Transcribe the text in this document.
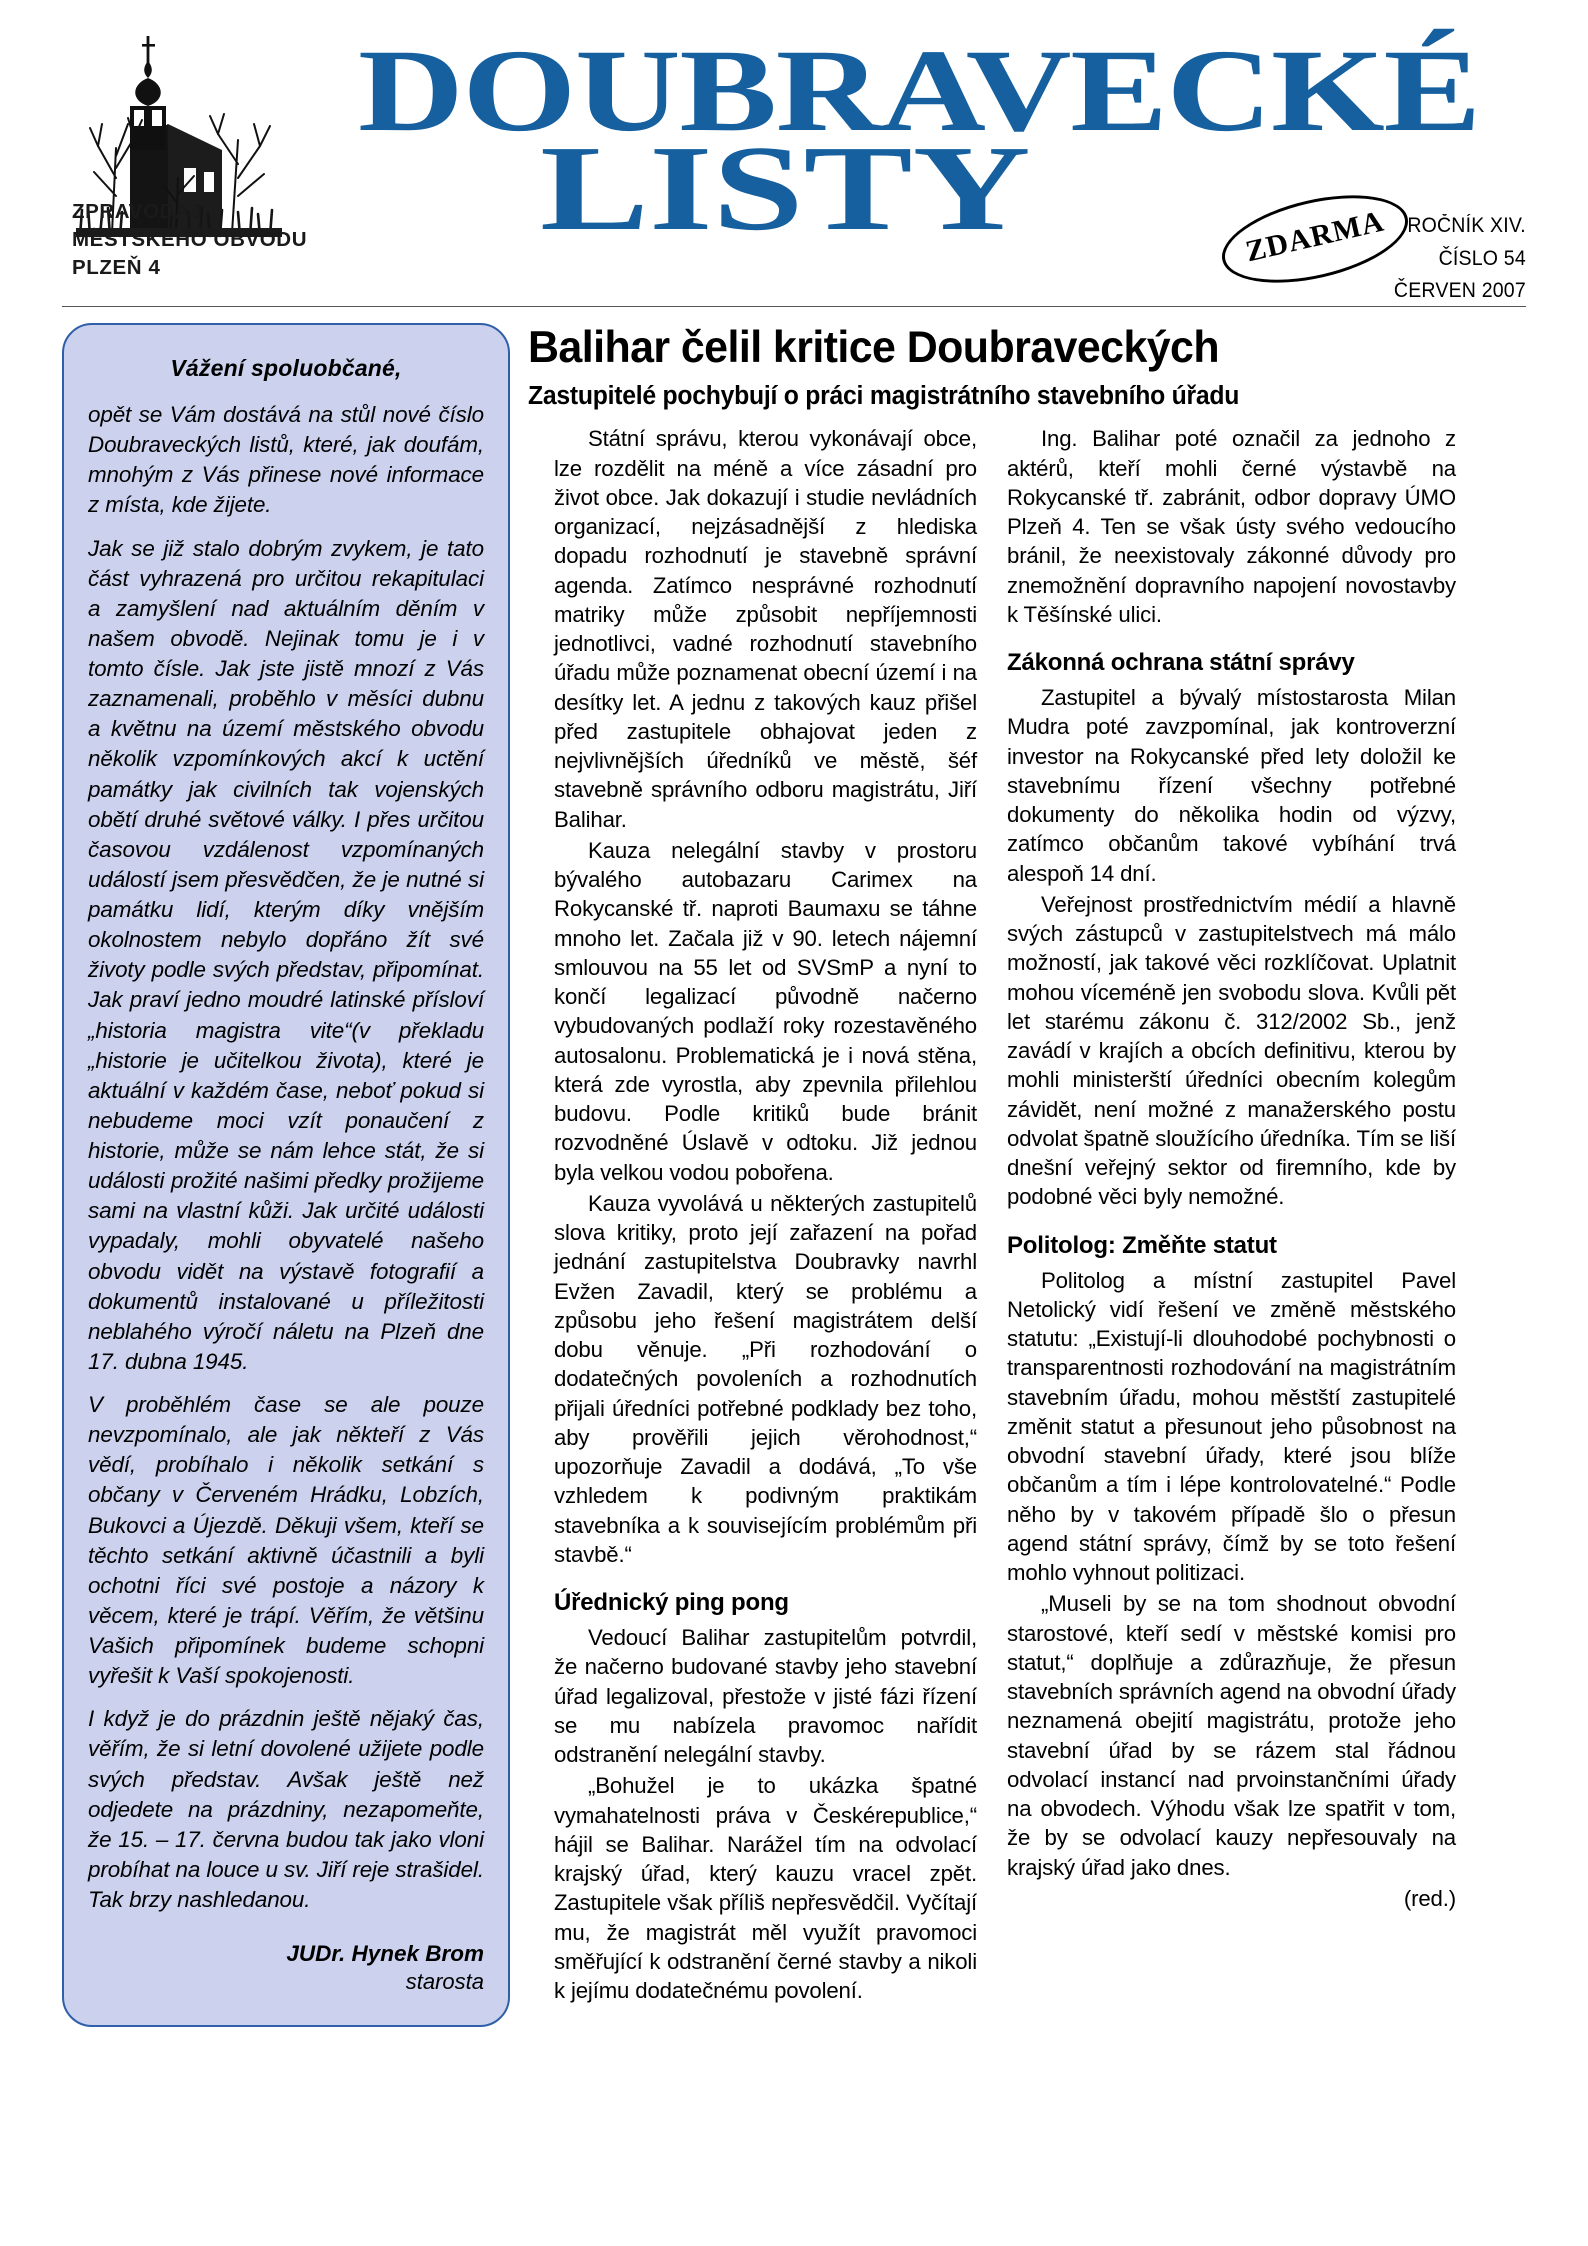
DOUBRAVECKÉ
LISTY
ZPRAVODAJ
MĚSTSKÉHO OBVODU
PLZEŇ 4	ZDARMA ROČNÍK XIV.
ČÍSLO 54
ČERVEN 2007
Vážení spoluobčané,

opět se Vám dostává na stůl nové číslo Doubraveckých listů, které, jak doufám, mnohým z Vás přinese nové informace z místa, kde žijete.

Jak se již stalo dobrým zvykem, je tato část vyhrazená pro určitou rekapitulaci a zamyšlení nad aktuálním děním v našem obvodě. Nejinak tomu je i v tomto čísle. Jak jste jistě mnozí z Vás zaznamenali, proběhlo v měsíci dubnu a květnu na území městského obvodu několik vzpomínkových akcí k uctění památky jak civilních tak vojenských obětí druhé světové války. I přes určitou časovou vzdálenost vzpomínaných událostí jsem přesvědčen, že je nutné si památku lidí, kterým díky vnějším okolnostem nebylo dopřáno žít své životy podle svých představ, připomínat. Jak praví jedno moudré latinské přísloví „historia magistra vite“(v překladu „historie je učitelkou života), které je aktuální v každém čase, neboť pokud si nebudeme moci vzít ponaučení z historie, může se nám lehce stát, že si události prožité našimi předky prožijeme sami na vlastní kůži. Jak určité události vypadaly, mohli obyvatelé našeho obvodu vidět na výstavě fotografií a dokumentů instalované u příležitosti neblahého výročí náletu na Plzeň dne 17. dubna 1945.

V proběhlém čase se ale pouze nevzpomínalo, ale jak někteří z Vás vědí, probíhalo i několik setkání s občany v Červeném Hrádku, Lobzích, Bukovci a Újezdě. Děkuji všem, kteří se těchto setkání aktivně účastnili a byli ochotni říci své postoje a názory k věcem, které je trápí. Věřím, že většinu Vašich připomínek budeme schopni vyřešit k Vaší spokojenosti.

I když je do prázdnin ještě nějaký čas, věřím, že si letní dovolené užijete podle svých představ. Avšak ještě než odjedete na prázdniny, nezapomeňte, že 15. – 17. června budou tak jako vloni probíhat na louce u sv. Jiří reje strašidel. Tak brzy nashledanou.

JUDr. Hynek Brom

starosta

Balihar čelil kritice Doubraveckých
Zastupitelé pochybují o práci magistrátního stavebního úřadu

Státní správu, kterou vykonávají obce, lze rozdělit na méně a více zásadní pro život obce. Jak dokazují i studie nevládních organizací, nejzásadnější z hlediska dopadu rozhodnutí je stavebně správní agenda. Zatímco nesprávné rozhodnutí matriky může způsobit nepříjemnosti jednotlivci, vadné rozhodnutí stavebního úřadu může poznamenat obecní území i na desítky let. A jednu z takových kauz přišel před zastupitele obhajovat jeden z nejvlivnějších úředníků ve městě, šéf stavebně správního odboru magistrátu, Jiří Balihar.

Kauza nelegální stavby v prostoru bývalého autobazaru Carimex na Rokycanské tř. naproti Baumaxu se táhne mnoho let. Začala již v 90. letech nájemní smlouvou na 55 let od SVSmP a nyní to končí legalizací původně načerno vybudovaných podlaží roky rozestavěného autosalonu. Problematická je i nová stěna, která zde vyrostla, aby zpevnila přilehlou budovu. Podle kritiků bude bránit rozvodněné Úslavě v odtoku. Již jednou byla velkou vodou pobořena.

Kauza vyvolává u některých zastupitelů slova kritiky, proto její zařazení na pořad jednání zastupitelstva Doubravky navrhl Evžen Zavadil, který se problému a způsobu jeho řešení magistrátem delší dobu věnuje. „Při rozhodování o dodatečných povoleních a rozhodnutích přijali úředníci potřebné podklady bez toho, aby prověřili jejich věrohodnost,“ upozorňuje Zavadil a dodává, „To vše vzhledem k podivným praktikám stavebníka a k souvisejícím problémům při stavbě.“

Úřednický ping pong

Vedoucí Balihar zastupitelům potvrdil, že načerno budované stavby jeho stavební úřad legalizoval, přestože v jisté fázi řízení se mu nabízela pravomoc nařídit odstranění nelegální stavby.

„Bohužel je to ukázka špatné vymahatelnosti práva v Českérepublice,“ hájil se Balihar. Narážel tím na odvolací krajský úřad, který kauzu vracel zpět. Zastupitele však příliš nepřesvědčil. Vyčítají mu, že magistrát měl využít pravomoci směřující k odstranění černé stavby a nikoli k jejímu dodatečnému povolení.

Ing. Balihar poté označil za jednoho z aktérů, kteří mohli černé výstavbě na Rokycanské tř. zabránit, odbor dopravy ÚMO Plzeň 4. Ten se však ústy svého vedoucího bránil, že neexistovaly zákonné důvody pro znemožnění dopravního napojení novostavby k Těšínské ulici.

Zákonná ochrana státní správy

Zastupitel a bývalý místostarosta Milan Mudra poté zavzpomínal, jak kontroverzní investor na Rokycanské před lety doložil ke stavebnímu řízení všechny potřebné dokumenty do několika hodin od výzvy, zatímco občanům takové vybíhání trvá alespoň 14 dní.

Veřejnost prostřednictvím médií a hlavně svých zástupců v zastupitelstvech má málo možností, jak takové věci rozklíčovat. Uplatnit mohou víceméně jen svobodu slova. Kvůli pět let starému zákonu č. 312/2002 Sb., jenž zavádí v krajích a obcích definitivu, kterou by mohli ministerští úředníci obecním kolegům závidět, není možné z manažerského postu odvolat špatně sloužícího úředníka. Tím se liší dnešní veřejný sektor od firemního, kde by podobné věci byly nemožné.

Politolog: Změňte statut

Politolog a místní zastupitel Pavel Netolický vidí řešení ve změně městského statutu: „Existují-li dlouhodobé pochybnosti o transparentnosti rozhodování na magistrátním stavebním úřadu, mohou městští zastupitelé změnit statut a přesunout jeho působnost na obvodní stavební úřady, které jsou blíže občanům a tím i lépe kontrolovatelné.“ Podle něho by v takovém případě šlo o přesun agend státní správy, čímž by se toto řešení mohlo vyhnout politizaci.

„Museli by se na tom shodnout obvodní starostové, kteří sedí v městské komisi pro statut,“ doplňuje a zdůrazňuje, že přesun stavebních správních agend na obvodní úřady neznamená obejití magistrátu, protože jeho stavební úřad by se rázem stal řádnou odvolací instancí nad prvoinstančními úřady na obvodech. Výhodu však lze spatřit v tom, že by se odvolací kauzy nepřesouvaly na krajský úřad jako dnes.

(red.)
